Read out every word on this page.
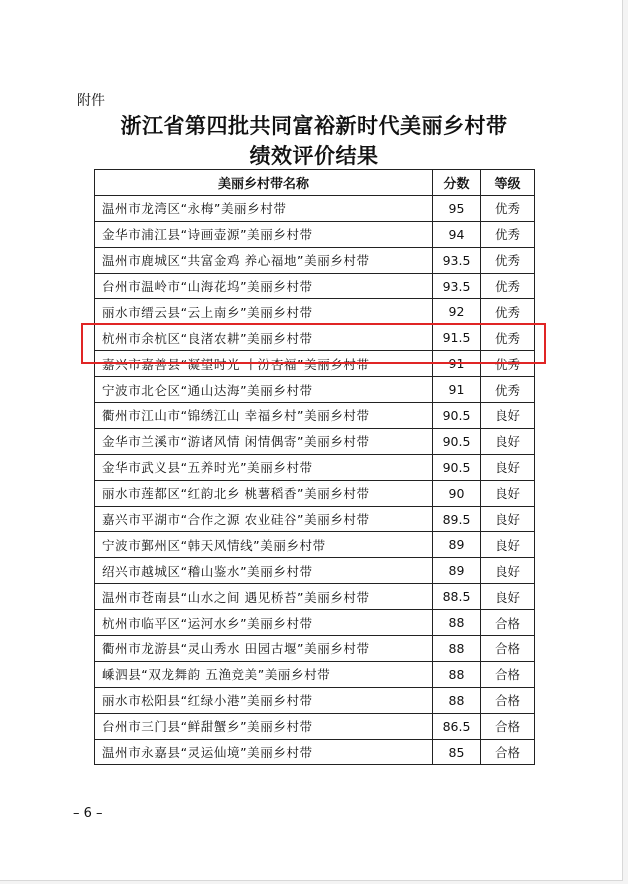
附件
浙江省第四批共同富裕新时代美丽乡村带
绩效评价结果
美丽乡村带名称	分数	等级
温州市龙湾区“永梅”美丽乡村带	95	优秀
金华市浦江县“诗画壶源”美丽乡村带	94	优秀
温州市鹿城区“共富金鸡 养心福地”美丽乡村带	93.5	优秀
台州市温岭市“山海花坞”美丽乡村带	93.5	优秀
丽水市缙云县“云上南乡”美丽乡村带	92	优秀
杭州市余杭区“良渚农耕”美丽乡村带	91.5	优秀
嘉兴市嘉善县“凝望时光 十汾杏福”美丽乡村带	91	优秀
宁波市北仑区“通山达海”美丽乡村带	91	优秀
衢州市江山市“锦绣江山 幸福乡村”美丽乡村带	90.5	良好
金华市兰溪市“游诸风情 闲情偶寄”美丽乡村带	90.5	良好
金华市武义县“五养时光”美丽乡村带	90.5	良好
丽水市莲都区“红韵北乡 桃薯稻香”美丽乡村带	90	良好
嘉兴市平湖市“合作之源 农业硅谷”美丽乡村带	89.5	良好
宁波市鄞州区“韩天风情线”美丽乡村带	89	良好
绍兴市越城区“稽山鉴水”美丽乡村带	89	良好
温州市苍南县“山水之间 遇见桥苔”美丽乡村带	88.5	良好
杭州市临平区“运河水乡”美丽乡村带	88	合格
衢州市龙游县“灵山秀水 田园古堰”美丽乡村带	88	合格
嵊泗县“双龙舞韵 五渔竞美”美丽乡村带	88	合格
丽水市松阳县“红绿小港”美丽乡村带	88	合格
台州市三门县“鲜甜蟹乡”美丽乡村带	86.5	合格
温州市永嘉县“灵运仙境”美丽乡村带	85	合格
– 6 –
